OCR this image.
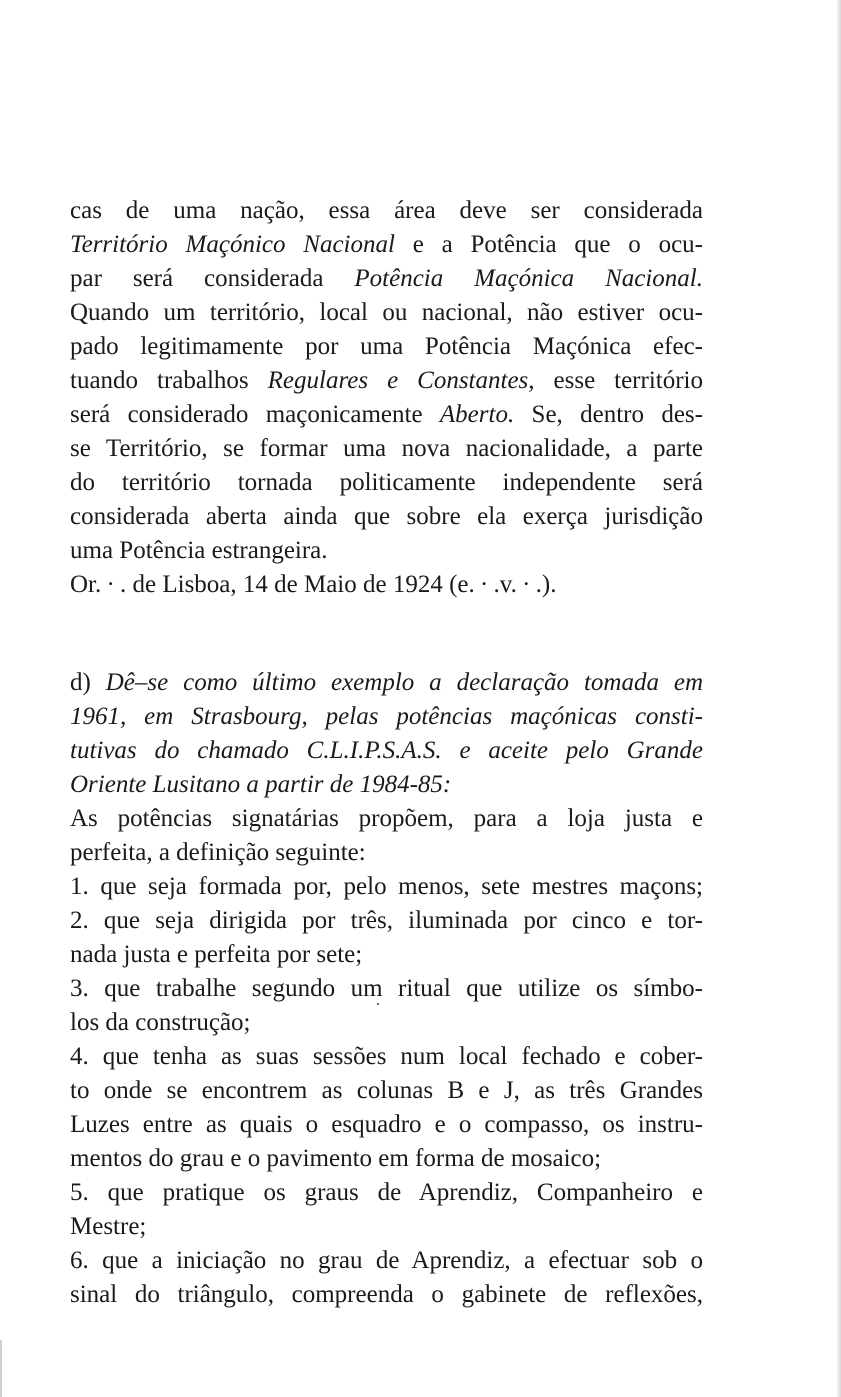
cas de uma nação, essa área deve ser considerada
Território Maçónico Nacional e a Potência que o ocu-
par será considerada Potência Maçónica Nacional.
Quando um território, local ou nacional, não estiver ocu-
pado legitimamente por uma Potência Maçónica efec-
tuando trabalhos Regulares e Constantes, esse território
será considerado maçonicamente Aberto. Se, dentro des-
se Território, se formar uma nova nacionalidade, a parte
do território tornada politicamente independente será
considerada aberta ainda que sobre ela exerça jurisdição
uma Potência estrangeira.
Or. ∙ . de Lisboa, 14 de Maio de 1924 (e. ∙ .v. ∙ .).
d) Dê–se como último exemplo a declaração tomada em
1961, em Strasbourg, pelas potências maçónicas consti-
tutivas do chamado C.L.I.P.S.A.S. e aceite pelo Grande
Oriente Lusitano a partir de 1984-85:
As potências signatárias propõem, para a loja justa e
perfeita, a definição seguinte:
1. que seja formada por, pelo menos, sete mestres maçons;
2. que seja dirigida por três, iluminada por cinco e tor-
nada justa e perfeita por sete;
3. que trabalhe segundo um ritual que utilize os símbo-
los da construção;
4. que tenha as suas sessões num local fechado e cober-
to onde se encontrem as colunas B e J, as três Grandes
Luzes entre as quais o esquadro e o compasso, os instru-
mentos do grau e o pavimento em forma de mosaico;
5. que pratique os graus de Aprendiz, Companheiro e
Mestre;
6. que a iniciação no grau de Aprendiz, a efectuar sob o
sinal do triângulo, compreenda o gabinete de reflexões,
